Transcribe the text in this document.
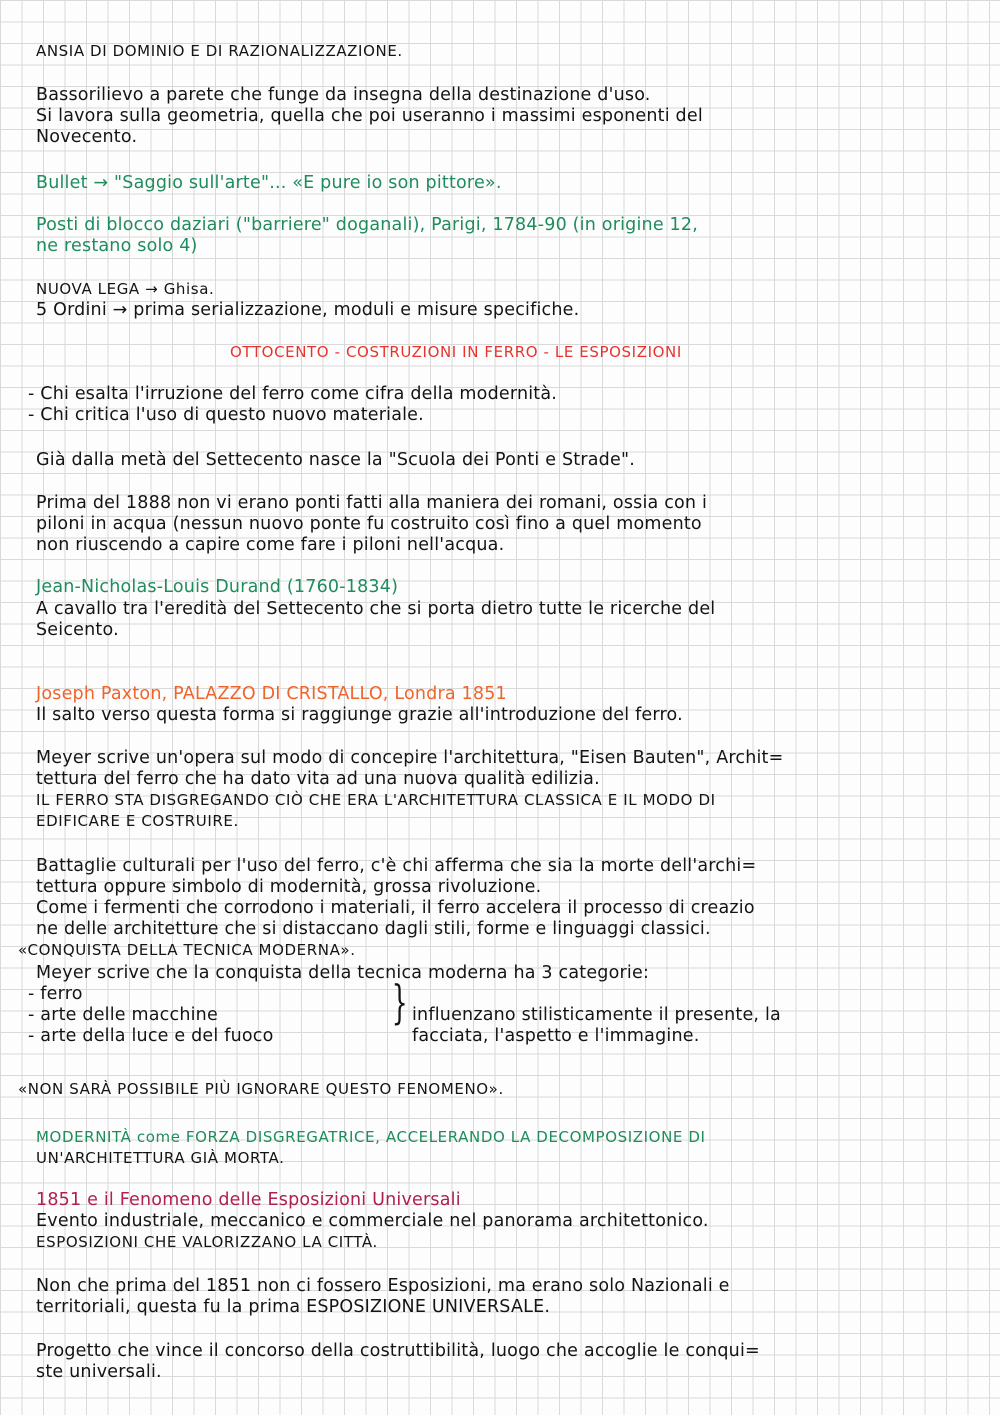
ANSIA DI DOMINIO E DI RAZIONALIZZAZIONE.
Bassorilievo a parete che funge da insegna della destinazione d'uso.
Si lavora sulla geometria, quella che poi useranno i massimi esponenti del
Novecento.
Bullet → "Saggio sull'arte"... «E pure io son pittore».
Posti di blocco daziari ("barriere" doganali), Parigi, 1784-90 (in origine 12,
ne restano solo 4)
NUOVA LEGA → Ghisa.
5 Ordini → prima serializzazione, moduli e misure specifiche.
OTTOCENTO - COSTRUZIONI IN FERRO - LE ESPOSIZIONI
- Chi esalta l'irruzione del ferro come cifra della modernità.
- Chi critica l'uso di questo nuovo materiale.
Già dalla metà del Settecento nasce la "Scuola dei Ponti e Strade".
Prima del 1888 non vi erano ponti fatti alla maniera dei romani, ossia con i
piloni in acqua (nessun nuovo ponte fu costruito così fino a quel momento
non riuscendo a capire come fare i piloni nell'acqua.
Jean-Nicholas-Louis Durand (1760-1834)
A cavallo tra l'eredità del Settecento che si porta dietro tutte le ricerche del
Seicento.
Joseph Paxton, PALAZZO DI CRISTALLO, Londra 1851
Il salto verso questa forma si raggiunge grazie all'introduzione del ferro.
Meyer scrive un'opera sul modo di concepire l'architettura, "Eisen Bauten", Archit=
tettura del ferro che ha dato vita ad una nuova qualità edilizia.
IL FERRO STA DISGREGANDO CIÒ CHE ERA L'ARCHITETTURA CLASSICA E IL MODO DI
EDIFICARE E COSTRUIRE.
Battaglie culturali per l'uso del ferro, c'è chi afferma che sia la morte dell'archi=
tettura oppure simbolo di modernità, grossa rivoluzione.
Come i fermenti che corrodono i materiali, il ferro accelera il processo di creazio
ne delle architetture che si distaccano dagli stili, forme e linguaggi classici.
«CONQUISTA DELLA TECNICA MODERNA».
Meyer scrive che la conquista della tecnica moderna ha 3 categorie:
- ferro
- arte delle macchine
- arte della luce e del fuoco
} influenzano stilisticamente il presente, la
facciata, l'aspetto e l'immagine.
«NON SARÀ POSSIBILE PIÙ IGNORARE QUESTO FENOMENO».
MODERNITÀ come FORZA DISGREGATRICE, ACCELERANDO LA DECOMPOSIZIONE DI
UN'ARCHITETTURA GIÀ MORTA.
1851 e il Fenomeno delle Esposizioni Universali
Evento industriale, meccanico e commerciale nel panorama architettonico.
ESPOSIZIONI CHE VALORIZZANO LA CITTÀ.
Non che prima del 1851 non ci fossero Esposizioni, ma erano solo Nazionali e
territoriali, questa fu la prima ESPOSIZIONE UNIVERSALE.
Progetto che vince il concorso della costruttibilità, luogo che accoglie le conqui=
ste universali.
